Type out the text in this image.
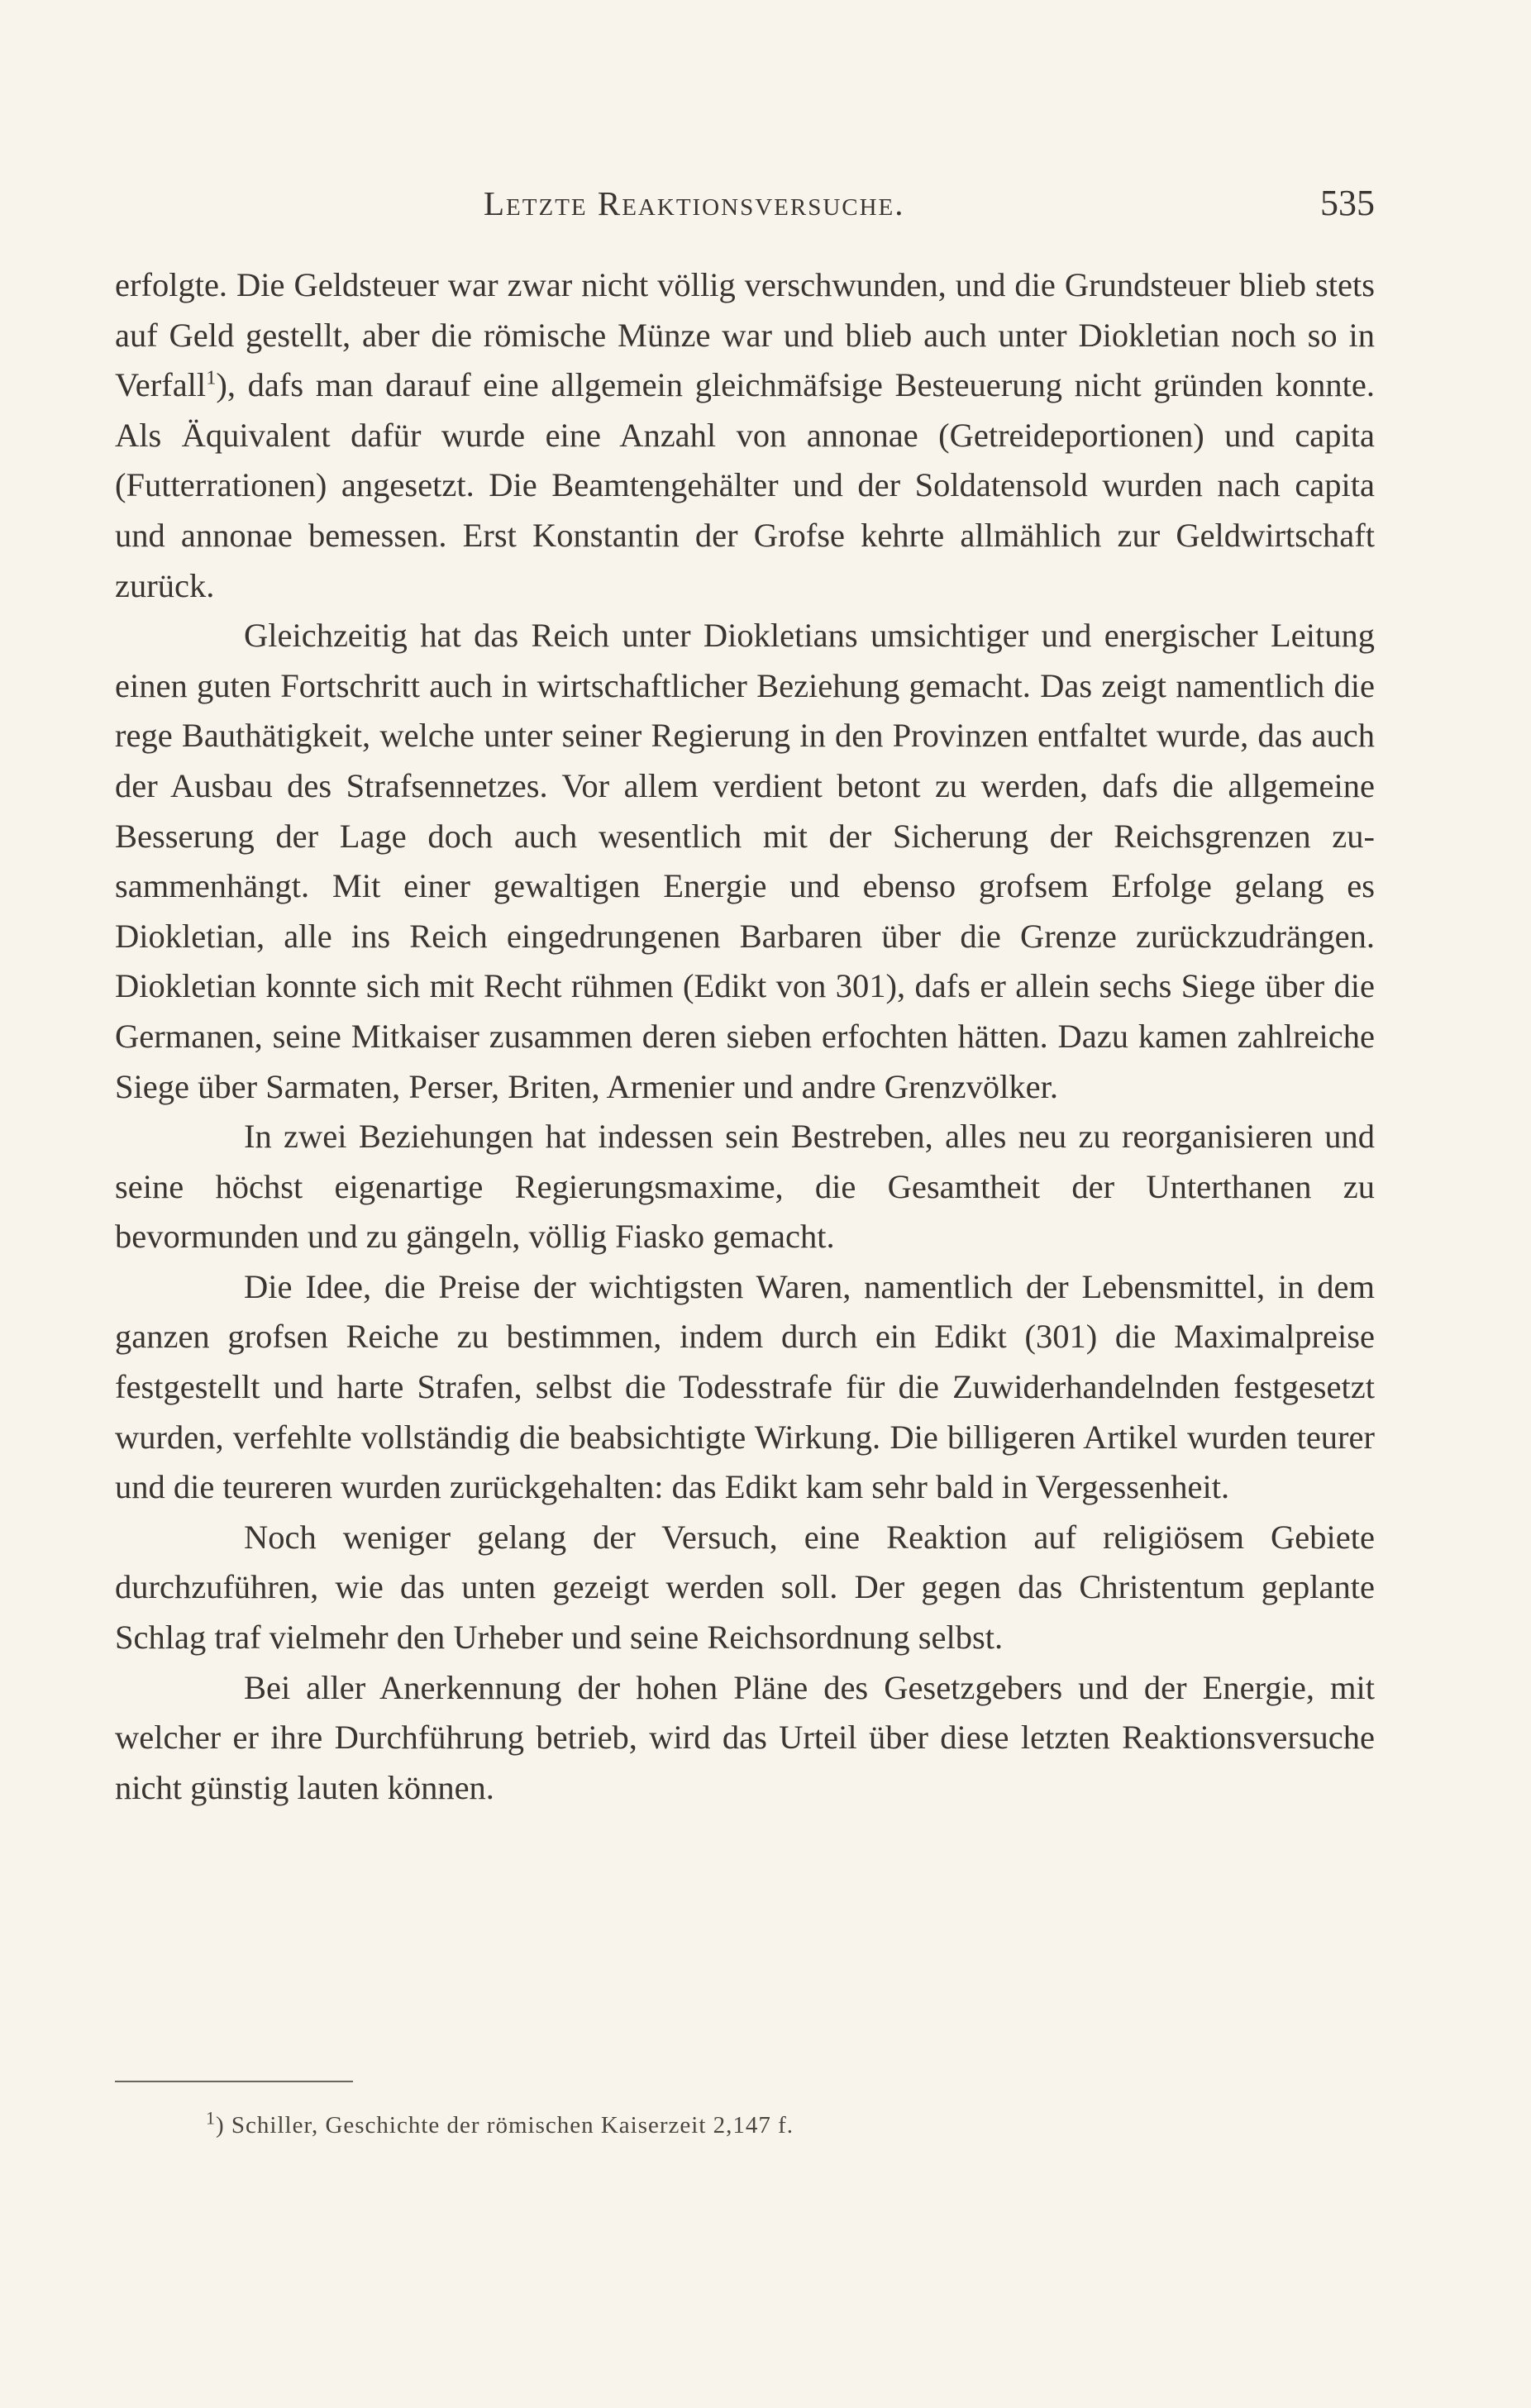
Letzte Reaktionsversuche.	535

erfolgte. Die Geldsteuer war zwar nicht völlig verschwunden, und die Grundsteuer blieb stets auf Geld gestellt, aber die römische Münze war und blieb auch unter Diokletian noch so in Verfall$^1$), dafs man darauf eine allgemein gleichmäfsige Besteuerung nicht gründen konnte. Als Äquivalent dafür wurde eine Anzahl von annonae (Getreideportionen) und capita (Futterrationen) angesetzt. Die Beamtengehälter und der Soldatensold wurden nach capita und annonae bemessen. Erst Konstantin der Grofse kehrte allmählich zur Geldwirtschaft zurück.

Gleichzeitig hat das Reich unter Diokletians umsichtiger und energischer Leitung einen guten Fortschritt auch in wirtschaftlicher Beziehung gemacht. Das zeigt namentlich die rege Bauthätigkeit, welche unter seiner Regierung in den Provinzen entfaltet wurde, das auch der Ausbau des Strafsennetzes. Vor allem verdient betont zu werden, dafs die allgemeine Besserung der Lage doch auch wesentlich mit der Sicherung der Reichsgrenzen zusammenhängt. Mit einer gewaltigen Energie und ebenso grofsem Erfolge gelang es Diokletian, alle ins Reich eingedrungenen Barbaren über die Grenze zurückzudrängen. Diokletian konnte sich mit Recht rühmen (Edikt von 301), dafs er allein sechs Siege über die Germanen, seine Mitkaiser zusammen deren sieben erfochten hätten. Dazu kamen zahlreiche Siege über Sarmaten, Perser, Briten, Armenier und andre Grenzvölker.

In zwei Beziehungen hat indessen sein Bestreben, alles neu zu reorganisieren und seine höchst eigenartige Regierungsmaxime, die Gesamtheit der Unterthanen zu bevormunden und zu gängeln, völlig Fiasko gemacht.

Die Idee, die Preise der wichtigsten Waren, namentlich der Lebensmittel, in dem ganzen grofsen Reiche zu bestimmen, indem durch ein Edikt (301) die Maximalpreise festgestellt und harte Strafen, selbst die Todesstrafe für die Zuwiderhandelnden festgesetzt wurden, verfehlte vollständig die beabsichtigte Wirkung. Die billigeren Artikel wurden teurer und die teureren wurden zurückgehalten: das Edikt kam sehr bald in Vergessenheit.

Noch weniger gelang der Versuch, eine Reaktion auf religiösem Gebiete durchzuführen, wie das unten gezeigt werden soll. Der gegen das Christentum geplante Schlag traf vielmehr den Urheber und seine Reichsordnung selbst.

Bei aller Anerkennung der hohen Pläne des Gesetzgebers und der Energie, mit welcher er ihre Durchführung betrieb, wird das Urteil über diese letzten Reaktionsversuche nicht günstig lauten können.

$^1$) Schiller, Geschichte der römischen Kaiserzeit 2,147 f.
